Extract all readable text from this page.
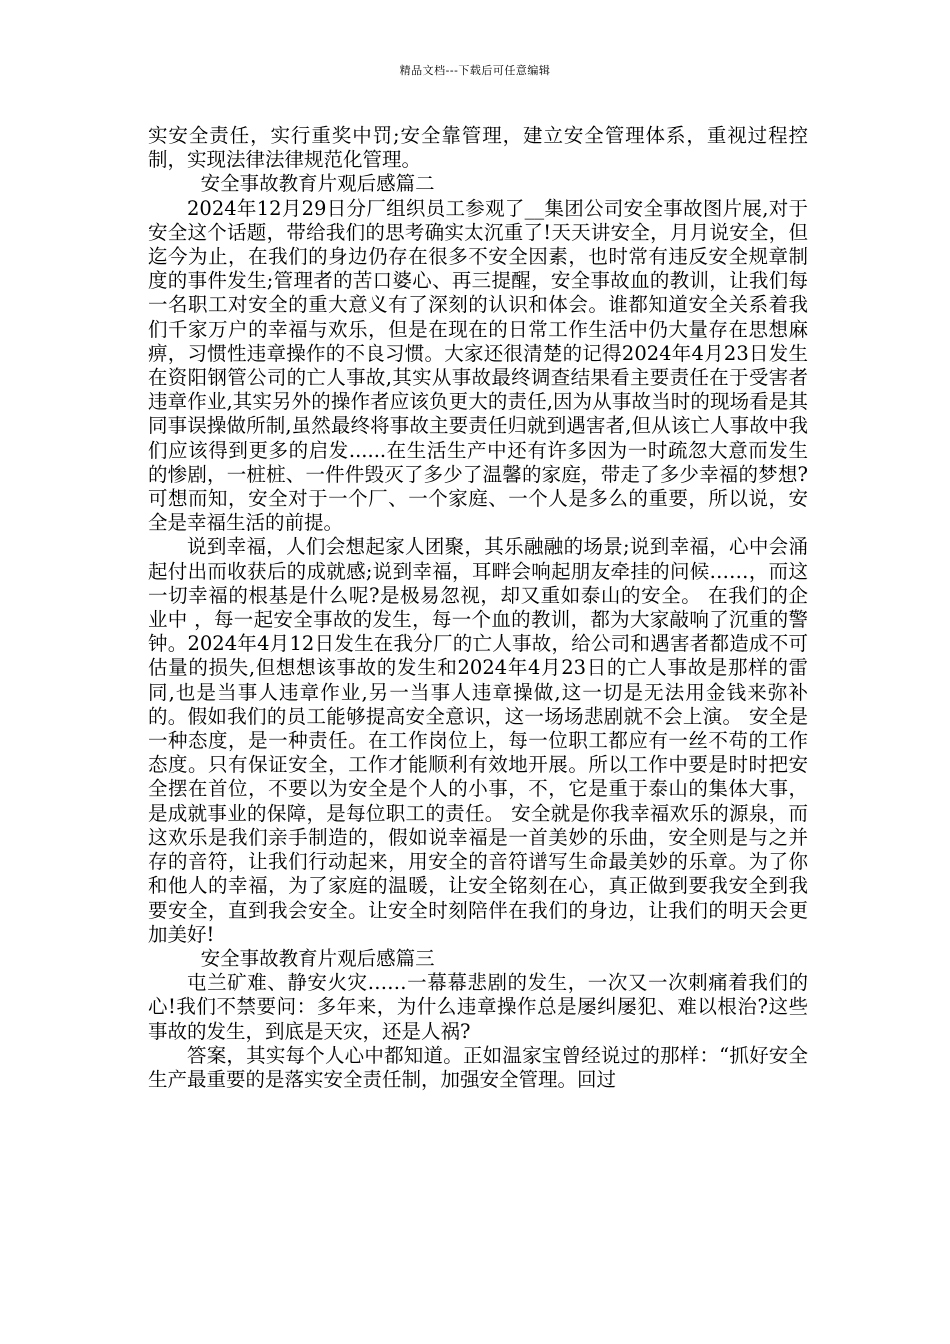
精品文档---下载后可任意编辑

实安全责任，实行重奖中罚;安全靠管理，建立安全管理体系，重视过程控制，实现法律法律规范化管理。

安全事故教育片观后感篇二

2024年12月29日分厂组织员工参观了__集团公司安全事故图片展,对于安全这个话题，带给我们的思考确实太沉重了!天天讲安全，月月说安全，但迄今为止，在我们的身边仍存在很多不安全因素，也时常有违反安全规章制度的事件发生;管理者的苦口婆心、再三提醒，安全事故血的教训，让我们每一名职工对安全的重大意义有了深刻的认识和体会。谁都知道安全关系着我们千家万户的幸福与欢乐，但是在现在的日常工作生活中仍大量存在思想麻痹，习惯性违章操作的不良习惯。大家还很清楚的记得2024年4月23日发生在资阳钢管公司的亡人事故,其实从事故最终调查结果看主要责任在于受害者违章作业,其实另外的操作者应该负更大的责任,因为从事故当时的现场看是其同事误操做所制,虽然最终将事故主要责任归就到遇害者,但从该亡人事故中我们应该得到更多的启发......在生活生产中还有许多因为一时疏忽大意而发生的惨剧，一桩桩、一件件毁灭了多少了温馨的家庭，带走了多少幸福的梦想?可想而知，安全对于一个厂、一个家庭、一个人是多么的重要，所以说，安全是幸福生活的前提。

说到幸福，人们会想起家人团聚，其乐融融的场景;说到幸福，心中会涌起付出而收获后的成就感;说到幸福，耳畔会响起朋友牵挂的问候……，而这一切幸福的根基是什么呢?是极易忽视，却又重如泰山的安全。 在我们的企业中 ，每一起安全事故的发生，每一个血的教训，都为大家敲响了沉重的警钟。2024年4月12日发生在我分厂的亡人事故，给公司和遇害者都造成不可估量的损失,但想想该事故的发生和2024年4月23日的亡人事故是那样的雷同,也是当事人违章作业,另一当事人违章操做,这一切是无法用金钱来弥补的。假如我们的员工能够提高安全意识，这一场场悲剧就不会上演。 安全是一种态度，是一种责任。在工作岗位上，每一位职工都应有一丝不苟的工作态度。只有保证安全，工作才能顺利有效地开展。所以工作中要是时时把安全摆在首位，不要以为安全是个人的小事，不，它是重于泰山的集体大事，是成就事业的保障，是每位职工的责任。 安全就是你我幸福欢乐的源泉，而这欢乐是我们亲手制造的，假如说幸福是一首美妙的乐曲，安全则是与之并存的音符，让我们行动起来，用安全的音符谱写生命最美妙的乐章。为了你和他人的幸福，为了家庭的温暖，让安全铭刻在心，真正做到要我安全到我要安全，直到我会安全。让安全时刻陪伴在我们的身边，让我们的明天会更加美好!

安全事故教育片观后感篇三

屯兰矿难、静安火灾……一幕幕悲剧的发生，一次又一次刺痛着我们的心!我们不禁要问：多年来，为什么违章操作总是屡纠屡犯、难以根治?这些事故的发生，到底是天灾，还是人祸?

答案，其实每个人心中都知道。正如温家宝曾经说过的那样：“抓好安全生产最重要的是落实安全责任制，加强安全管理。回过
